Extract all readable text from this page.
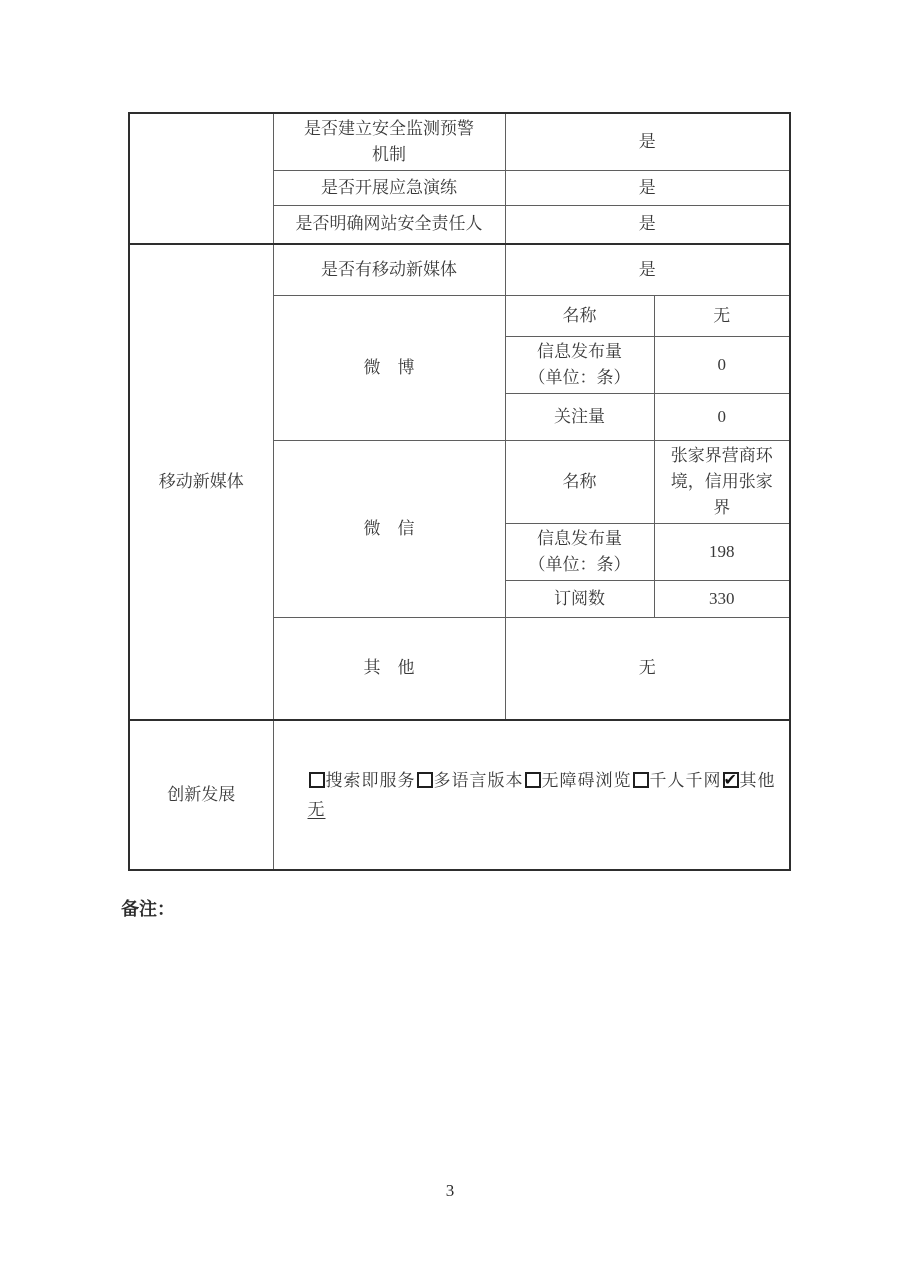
	是否建立安全监测预警
机制	是	
	是否开展应急演练	是	
	是否明确网站安全责任人	是	
移动新媒体	是否有移动新媒体	是	
	微　博	名称	无

		信息发布量
（单位：条）	0
		关注量	0
	微　信	名称	张家界营商环境，信用张家界

		信息发布量
（单位：条）	198
		订阅数	330
	其　他	无	
创新发展	搜索即服务 多语言版本 无障碍浏览 千人千网 ✔ 其他
无
备注：
3
